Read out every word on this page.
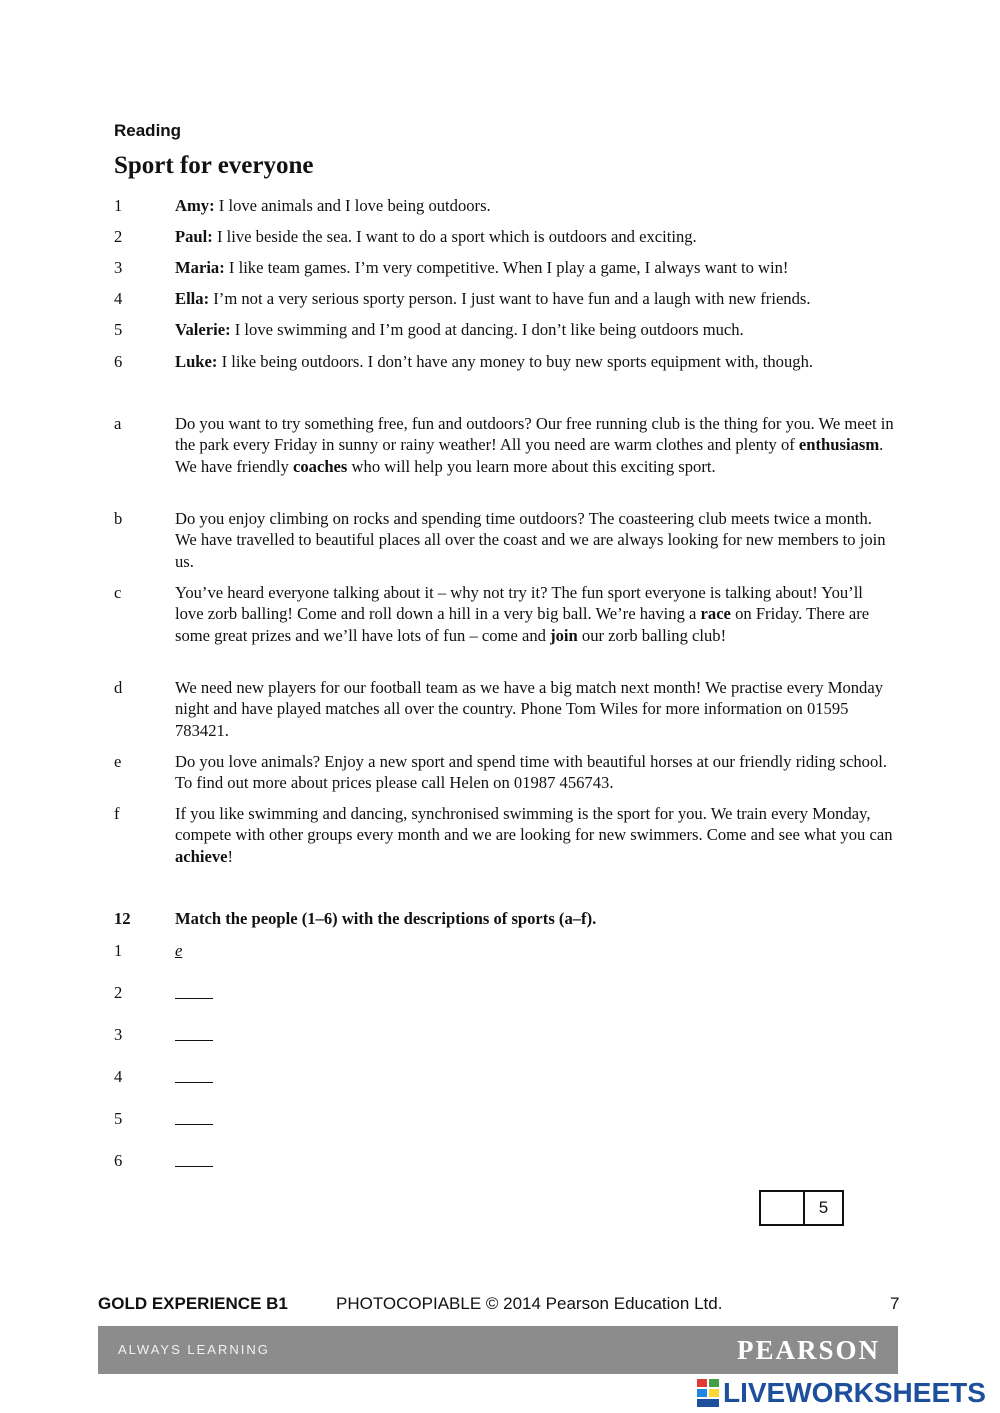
Reading
Sport for everyone
1	Amy: I love animals and I love being outdoors.
2	Paul: I live beside the sea. I want to do a sport which is outdoors and exciting.
3	Maria: I like team games. I’m very competitive. When I play a game, I always want to win!
4	Ella: I’m not a very serious sporty person. I just want to have fun and a laugh with new friends.
5	Valerie: I love swimming and I’m good at dancing. I don’t like being outdoors much.
6	Luke: I like being outdoors. I don’t have any money to buy new sports equipment with, though.
a	Do you want to try something free, fun and outdoors? Our free running club is the thing for you. We meet in the park every Friday in sunny or rainy weather! All you need are warm clothes and plenty of enthusiasm. We have friendly coaches who will help you learn more about this exciting sport.
b	Do you enjoy climbing on rocks and spending time outdoors? The coasteering club meets twice a month. We have travelled to beautiful places all over the coast and we are always looking for new members to join us.
c	You’ve heard everyone talking about it – why not try it? The fun sport everyone is talking about! You’ll love zorb balling! Come and roll down a hill in a very big ball. We’re having a race on Friday. There are some great prizes and we’ll have lots of fun – come and join our zorb balling club!
d	We need new players for our football team as we have a big match next month! We practise every Monday night and have played matches all over the country. Phone Tom Wiles for more information on 01595 783421.
e	Do you love animals? Enjoy a new sport and spend time with beautiful horses at our friendly riding school. To find out more about prices please call Helen on 01987 456743.
f	If you like swimming and dancing, synchronised swimming is the sport for you. We train every Monday, compete with other groups every month and we are looking for new swimmers. Come and see what you can achieve!
12	Match the people (1–6) with the descriptions of sports (a–f).
1	e
2
3
4
5
6
5
GOLD EXPERIENCE B1	PHOTOCOPIABLE © 2014 Pearson Education Ltd.	7
ALWAYS LEARNING	PEARSON
LIVEWORKSHEETS
